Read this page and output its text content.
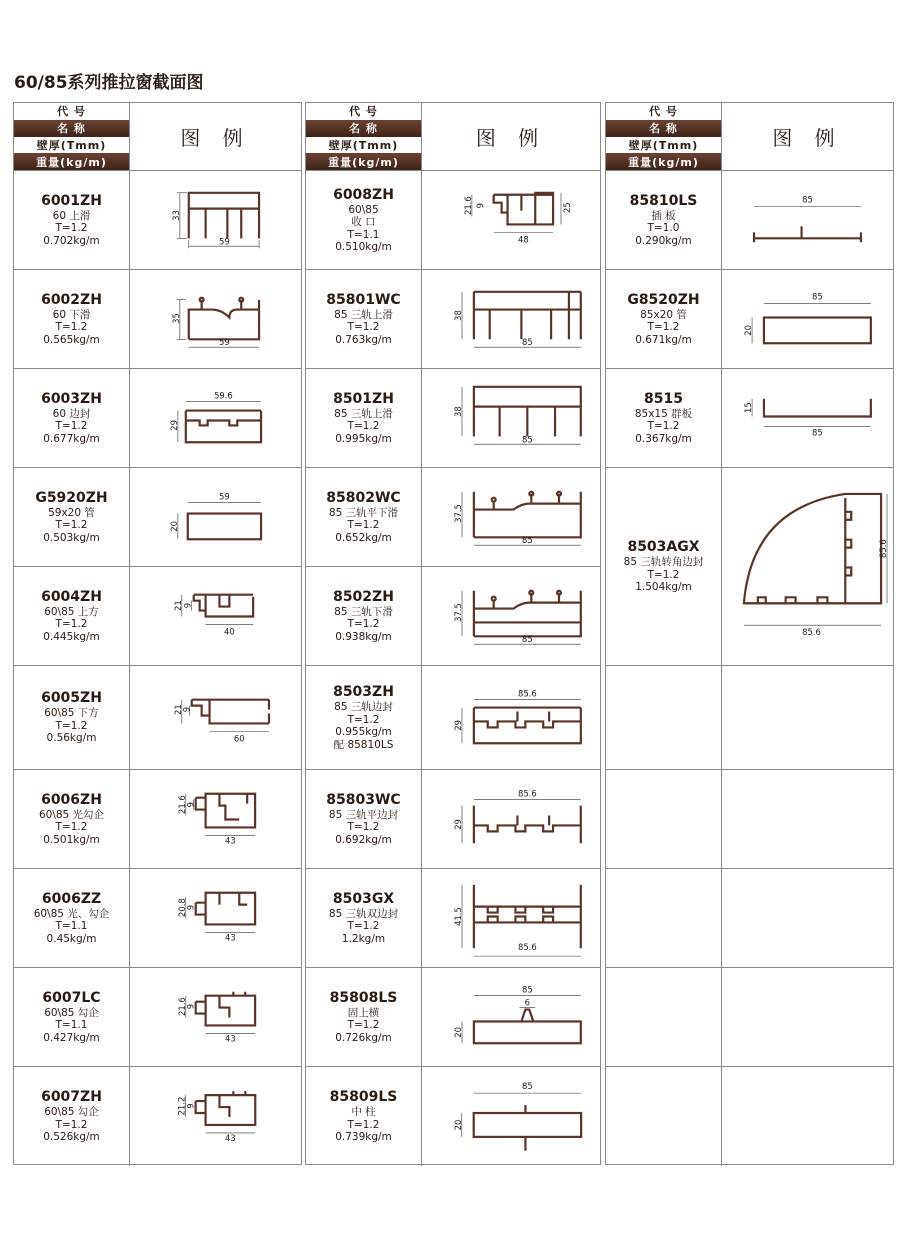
60/85系列推拉窗截面图
代 号
名 称
壁厚(Tmm)
重量(kg/m)
图 例
6001ZH
60 上滑
T=1.2
0.702kg/m
33
59
6002ZH
60 下滑
T=1.2
0.565kg/m
35
59
6003ZH
60 边封
T=1.2
0.677kg/m
29
59.6
G5920ZH
59x20 管
T=1.2
0.503kg/m
20
59
6004ZH
60\85 上方
T=1.2
0.445kg/m
21 9
40
6005ZH
60\85 下方
T=1.2
0.56kg/m
21
9
60
6006ZH
60\85 光勾企
T=1.2
0.501kg/m
21.6
9
43
6006ZZ
60\85 光、勾企
T=1.1
0.45kg/m
20.8
9
43
6007LC
60\85 勾企
T=1.1
0.427kg/m
21.6
9
43
6007ZH
60\85 勾企
T=1.2
0.526kg/m
21.2
9
43
代 号
名 称
壁厚(Tmm)
重量(kg/m)
图 例
6008ZH
60\85
收 口
T=1.1
0.510kg/m
21.6 9	25
48
85801WC
85 三轨上滑
T=1.2
0.763kg/m
38
85
8501ZH
85 三轨上滑
T=1.2
0.995kg/m
38
85
85802WC
85 三轨平下滑
T=1.2
0.652kg/m
37.5
85
8502ZH
85 三轨下滑
T=1.2
0.938kg/m
37.5
85
8503ZH
85 三轨边封
T=1.2
0.955kg/m
配 85810LS
29
85.6
85803WC
85 三轨平边封
T=1.2
0.692kg/m
29
85.6
8503GX
85 三轨双边封
T=1.2
1.2kg/m
41.5
85.6
85808LS
固上横
T=1.2
0.726kg/m	20
85
6
85809LS
中 柱
T=1.2
0.739kg/m
20
85
代 号
名 称
壁厚(Tmm)
重量(kg/m)
图 例
85810LS
插 板
T=1.0
0.290kg/m
85
G8520ZH
85x20 管
T=1.2
0.671kg/m
20
85
8515
85x15 群板
T=1.2
0.367kg/m
15
85
8503AGX
85 三轨转角边封
T=1.2
1.504kg/m
85.6
85.6
